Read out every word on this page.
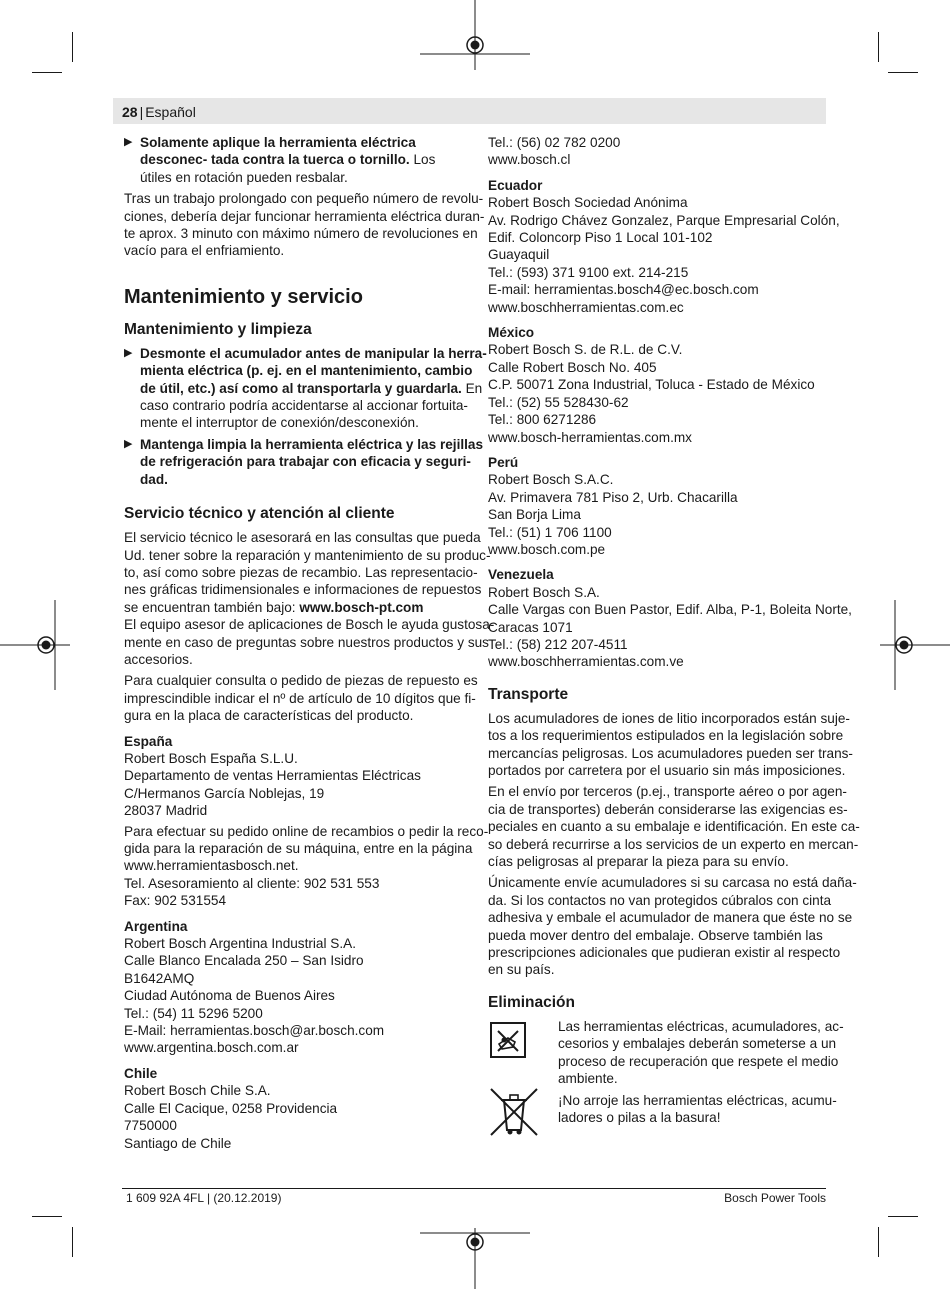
28 | Español
▶ Solamente aplique la herramienta eléctrica desconec- tada contra la tuerca o tornillo. Los útiles en rotación pueden resbalar.

Tras un trabajo prolongado con pequeño número de revolu-
ciones, debería dejar funcionar herramienta eléctrica duran-
te aprox. 3 minuto con máximo número de revoluciones en
vacío para el enfriamiento.

Mantenimiento y servicio
Mantenimiento y limpieza
▶ Desmonte el acumulador antes de manipular la herra-
mienta eléctrica (p. ej. en el mantenimiento, cambio
de útil, etc.) así como al transportarla y guardarla. En
caso contrario podría accidentarse al accionar fortuita-
mente el interruptor de conexión/desconexión.
▶ Mantenga limpia la herramienta eléctrica y las rejillas
de refrigeración para trabajar con eficacia y seguri-
dad.
Servicio técnico y atención al cliente

El servicio técnico le asesorará en las consultas que pueda
Ud. tener sobre la reparación y mantenimiento de su produc-
to, así como sobre piezas de recambio. Las representacio-
nes gráficas tridimensionales e informaciones de repuestos
se encuentran también bajo: www.bosch-pt.com

El equipo asesor de aplicaciones de Bosch le ayuda gustosa-
mente en caso de preguntas sobre nuestros productos y sus
accesorios.

Para cualquier consulta o pedido de piezas de repuesto es
imprescindible indicar el nº de artículo de 10 dígitos que fi-
gura en la placa de características del producto.

España
Robert Bosch España S.L.U.
Departamento de ventas Herramientas Eléctricas
C/Hermanos García Noblejas, 19
28037 Madrid
Para efectuar su pedido online de recambios o pedir la reco-
gida para la reparación de su máquina, entre en la página
www.herramientasbosch.net.
Tel. Asesoramiento al cliente: 902 531 553
Fax: 902 531554
Argentina
Robert Bosch Argentina Industrial S.A.
Calle Blanco Encalada 250 – San Isidro
B1642AMQ
Ciudad Autónoma de Buenos Aires
Tel.: (54) 11 5296 5200
E-Mail: herramientas.bosch@ar.bosch.com
www.argentina.bosch.com.ar
Chile
Robert Bosch Chile S.A.
Calle El Cacique, 0258 Providencia
7750000
Santiago de Chile
Tel.: (56) 02 782 0200
www.bosch.cl
Ecuador
Robert Bosch Sociedad Anónima
Av. Rodrigo Chávez Gonzalez, Parque Empresarial Colón,
Edif. Coloncorp Piso 1 Local 101-102
Guayaquil
Tel.: (593) 371 9100 ext. 214-215
E-mail: herramientas.bosch4@ec.bosch.com
www.boschherramientas.com.ec
México
Robert Bosch S. de R.L. de C.V.
Calle Robert Bosch No. 405
C.P. 50071 Zona Industrial, Toluca - Estado de México
Tel.: (52) 55 528430-62
Tel.: 800 6271286
www.bosch-herramientas.com.mx
Perú
Robert Bosch S.A.C.
Av. Primavera 781 Piso 2, Urb. Chacarilla
San Borja Lima
Tel.: (51) 1 706 1100
www.bosch.com.pe
Venezuela
Robert Bosch S.A.
Calle Vargas con Buen Pastor, Edif. Alba, P-1, Boleita Norte,
Caracas 1071
Tel.: (58) 212 207-4511
www.boschherramientas.com.ve
Transporte

Los acumuladores de iones de litio incorporados están suje-
tos a los requerimientos estipulados en la legislación sobre
mercancías peligrosas. Los acumuladores pueden ser trans-
portados por carretera por el usuario sin más imposiciones.

En el envío por terceros (p.ej., transporte aéreo o por agen-
cia de transportes) deberán considerarse las exigencias es-
peciales en cuanto a su embalaje e identificación. En este ca-
so deberá recurrirse a los servicios de un experto en mercan-
cías peligrosas al preparar la pieza para su envío.

Únicamente envíe acumuladores si su carcasa no está daña-
da. Si los contactos no van protegidos cúbralos con cinta
adhesiva y embale el acumulador de manera que éste no se
pueda mover dentro del embalaje. Observe también las
prescripciones adicionales que pudieran existir al respecto
en su país.

Eliminación
Las herramientas eléctricas, acumuladores, ac-
cesorios y embalajes deberán someterse a un
proceso de recuperación que respete el medio
ambiente.
¡No arroje las herramientas eléctricas, acumu-
ladores o pilas a la basura!
1 609 92A 4FL | (20.12.2019)	Bosch Power Tools
